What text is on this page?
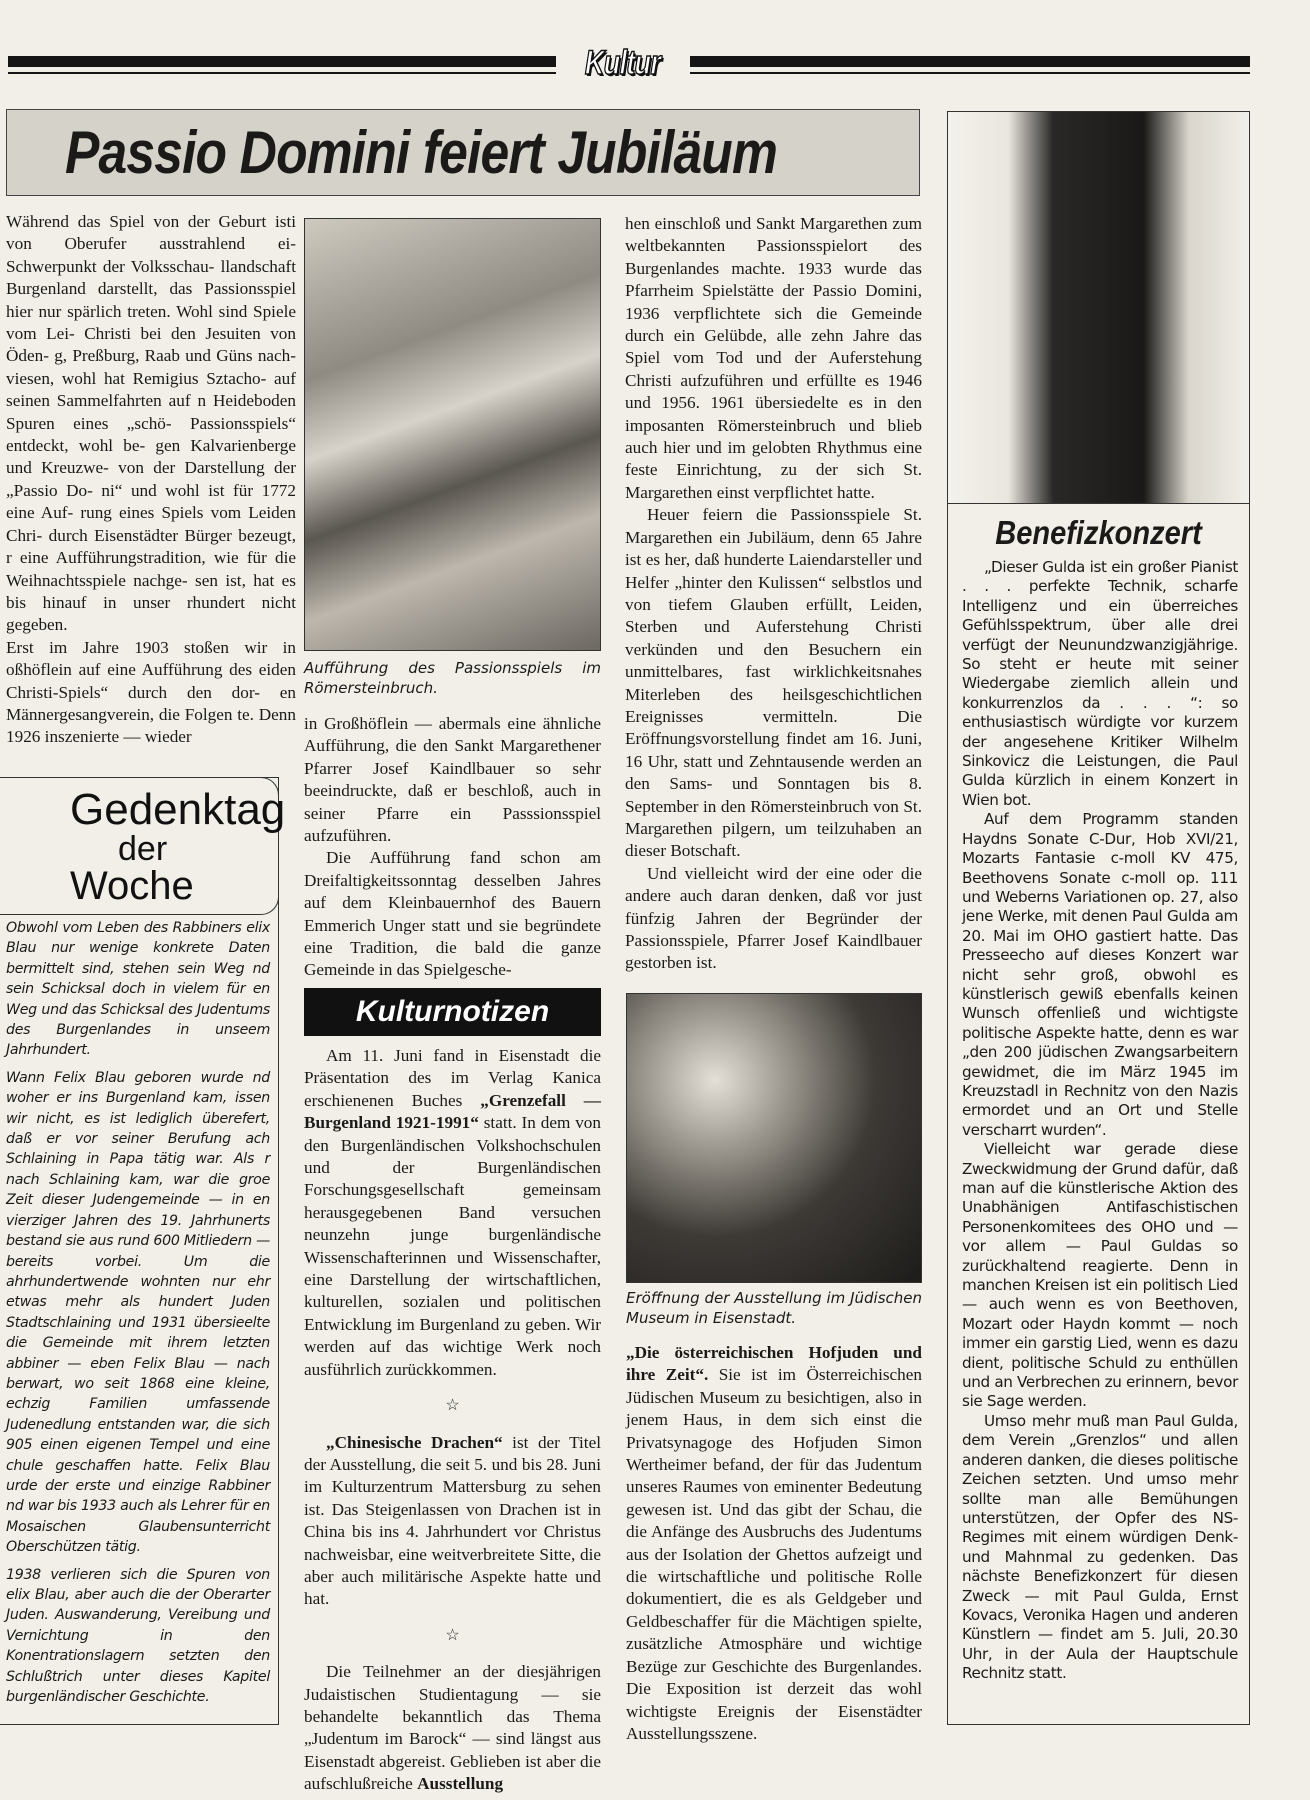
Kultur
Passio Domini feiert Jubiläum

Während das Spiel von der Geburt isti von Oberufer ausstrahlend ei- Schwerpunkt der Volksschau- llandschaft Burgenland darstellt, das Passionsspiel hier nur spärlich treten. Wohl sind Spiele vom Lei- Christi bei den Jesuiten von Öden- g, Preßburg, Raab und Güns nach- viesen, wohl hat Remigius Sztacho- auf seinen Sammelfahrten auf n Heideboden Spuren eines „schö- Passionsspiels“ entdeckt, wohl be- gen Kalvarienberge und Kreuzwe- von der Darstellung der „Passio Do- ni“ und wohl ist für 1772 eine Auf- rung eines Spiels vom Leiden Chri- durch Eisenstädter Bürger bezeugt, r eine Aufführungstradition, wie für die Weihnachtsspiele nachge- sen ist, hat es bis hinauf in unser rhundert nicht gegeben.

Erst im Jahre 1903 stoßen wir in oßhöflein auf eine Aufführung des eiden Christi-Spiels“ durch den dor- en Männergesangverein, die Folgen te. Denn 1926 inszenierte — wieder

Gedenktag
der
Woche

Obwohl vom Leben des Rabbiners elix Blau nur wenige konkrete Daten bermittelt sind, stehen sein Weg nd sein Schicksal doch in vielem für en Weg und das Schicksal des Judentums des Burgenlandes in unseem Jahrhundert.

Wann Felix Blau geboren wurde nd woher er ins Burgenland kam, issen wir nicht, es ist lediglich überefert, daß er vor seiner Berufung ach Schlaining in Papa tätig war. Als r nach Schlaining kam, war die groe Zeit dieser Judengemeinde — in en vierziger Jahren des 19. Jahrhunerts bestand sie aus rund 600 Mitliedern — bereits vorbei. Um die ahrhundertwende wohnten nur ehr etwas mehr als hundert Juden Stadtschlaining und 1931 übersieelte die Gemeinde mit ihrem letzten abbiner — eben Felix Blau — nach berwart, wo seit 1868 eine kleine, echzig Familien umfassende Judenedlung entstanden war, die sich 905 einen eigenen Tempel und eine chule geschaffen hatte. Felix Blau urde der erste und einzige Rabbiner nd war bis 1933 auch als Lehrer für en Mosaischen Glaubensunterricht Oberschützen tätig.

1938 verlieren sich die Spuren von elix Blau, aber auch die der Oberarter Juden. Auswanderung, Vereibung und Vernichtung in den Konentrationslagern setzten den Schlußtrich unter dieses Kapitel burgenländischer Geschichte.

Aufführung des Passionsspiels im Römersteinbruch.

in Großhöflein — abermals eine ähnliche Aufführung, die den Sankt Margarethener Pfarrer Josef Kaindlbauer so sehr beeindruckte, daß er beschloß, auch in seiner Pfarre ein Passsionsspiel aufzuführen.

Die Aufführung fand schon am Dreifaltigkeitssonntag desselben Jahres auf dem Kleinbauernhof des Bauern Emmerich Unger statt und sie begründete eine Tradition, die bald die ganze Gemeinde in das Spielgesche-

Kulturnotizen

Am 11. Juni fand in Eisenstadt die Präsentation des im Verlag Kanica erschienenen Buches „Grenzefall — Burgenland 1921-1991“ statt. In dem von den Burgenländischen Volkshochschulen und der Burgenländischen Forschungsgesellschaft gemeinsam herausgegebenen Band versuchen neunzehn junge burgenländische Wissenschafterinnen und Wissenschafter, eine Darstellung der wirtschaftlichen, kulturellen, sozialen und politischen Entwicklung im Burgenland zu geben. Wir werden auf das wichtige Werk noch ausführlich zurückkommen.

☆

„Chinesische Drachen“ ist der Titel der Ausstellung, die seit 5. und bis 28. Juni im Kulturzentrum Mattersburg zu sehen ist. Das Steigenlassen von Drachen ist in China bis ins 4. Jahrhundert vor Christus nachweisbar, eine weitverbreitete Sitte, die aber auch militärische Aspekte hatte und hat.

☆

Die Teilnehmer an der diesjährigen Judaistischen Studientagung — sie behandelte bekanntlich das Thema „Judentum im Barock“ — sind längst aus Eisenstadt abgereist. Geblieben ist aber die aufschlußreiche Ausstellung

hen einschloß und Sankt Margarethen zum weltbekannten Passionsspielort des Burgenlandes machte. 1933 wurde das Pfarrheim Spielstätte der Passio Domini, 1936 verpflichtete sich die Gemeinde durch ein Gelübde, alle zehn Jahre das Spiel vom Tod und der Auferstehung Christi aufzuführen und erfüllte es 1946 und 1956. 1961 übersiedelte es in den imposanten Römersteinbruch und blieb auch hier und im gelobten Rhythmus eine feste Einrichtung, zu der sich St. Margarethen einst verpflichtet hatte.

Heuer feiern die Passionsspiele St. Margarethen ein Jubiläum, denn 65 Jahre ist es her, daß hunderte Laiendarsteller und Helfer „hinter den Kulissen“ selbstlos und von tiefem Glauben erfüllt, Leiden, Sterben und Auferstehung Christi verkünden und den Besuchern ein unmittelbares, fast wirklichkeitsnahes Miterleben des heilsgeschichtlichen Ereignisses vermitteln. Die Eröffnungsvorstellung findet am 16. Juni, 16 Uhr, statt und Zehntausende werden an den Sams- und Sonntagen bis 8. September in den Römersteinbruch von St. Margarethen pilgern, um teilzuhaben an dieser Botschaft.

Und vielleicht wird der eine oder die andere auch daran denken, daß vor just fünfzig Jahren der Begründer der Passionsspiele, Pfarrer Josef Kaindlbauer gestorben ist.

Eröffnung der Ausstellung im Jüdischen Museum in Eisenstadt.

„Die österreichischen Hofjuden und ihre Zeit“. Sie ist im Österreichischen Jüdischen Museum zu besichtigen, also in jenem Haus, in dem sich einst die Privatsynagoge des Hofjuden Simon Wertheimer befand, der für das Judentum unseres Raumes von eminenter Bedeutung gewesen ist. Und das gibt der Schau, die die Anfänge des Ausbruchs des Judentums aus der Isolation der Ghettos aufzeigt und die wirtschaftliche und politische Rolle dokumentiert, die es als Geldgeber und Geldbeschaffer für die Mächtigen spielte, zusätzliche Atmosphäre und wichtige Bezüge zur Geschichte des Burgenlandes. Die Exposition ist derzeit das wohl wichtigste Ereignis der Eisenstädter Ausstellungsszene.

Benefizkonzert

„Dieser Gulda ist ein großer Pianist . . . perfekte Technik, scharfe Intelligenz und ein überreiches Gefühlsspektrum, über alle drei verfügt der Neunundzwanzigjährige. So steht er heute mit seiner Wiedergabe ziemlich allein und konkurrenzlos da . . . “: so enthusiastisch würdigte vor kurzem der angesehene Kritiker Wilhelm Sinkovicz die Leistungen, die Paul Gulda kürzlich in einem Konzert in Wien bot.

Auf dem Programm standen Haydns Sonate C-Dur, Hob XVI/21, Mozarts Fantasie c-moll KV 475, Beethovens Sonate c-moll op. 111 und Weberns Variationen op. 27, also jene Werke, mit denen Paul Gulda am 20. Mai im OHO gastiert hatte. Das Presseecho auf dieses Konzert war nicht sehr groß, obwohl es künstlerisch gewiß ebenfalls keinen Wunsch offenließ und wichtigste politische Aspekte hatte, denn es war „den 200 jüdischen Zwangsarbeitern gewidmet, die im März 1945 im Kreuzstadl in Rechnitz von den Nazis ermordet und an Ort und Stelle verscharrt wurden“.

Vielleicht war gerade diese Zweckwidmung der Grund dafür, daß man auf die künstlerische Aktion des Unabhänigen Antifaschistischen Personenkomitees des OHO und — vor allem — Paul Guldas so zurückhaltend reagierte. Denn in manchen Kreisen ist ein politisch Lied — auch wenn es von Beethoven, Mozart oder Haydn kommt — noch immer ein garstig Lied, wenn es dazu dient, politische Schuld zu enthüllen und an Verbrechen zu erinnern, bevor sie Sage werden.

Umso mehr muß man Paul Gulda, dem Verein „Grenzlos“ und allen anderen danken, die dieses politische Zeichen setzten. Und umso mehr sollte man alle Bemühungen unterstützen, der Opfer des NS-Regimes mit einem würdigen Denk- und Mahnmal zu gedenken. Das nächste Benefizkonzert für diesen Zweck — mit Paul Gulda, Ernst Kovacs, Veronika Hagen und anderen Künstlern — findet am 5. Juli, 20.30 Uhr, in der Aula der Hauptschule Rechnitz statt.
